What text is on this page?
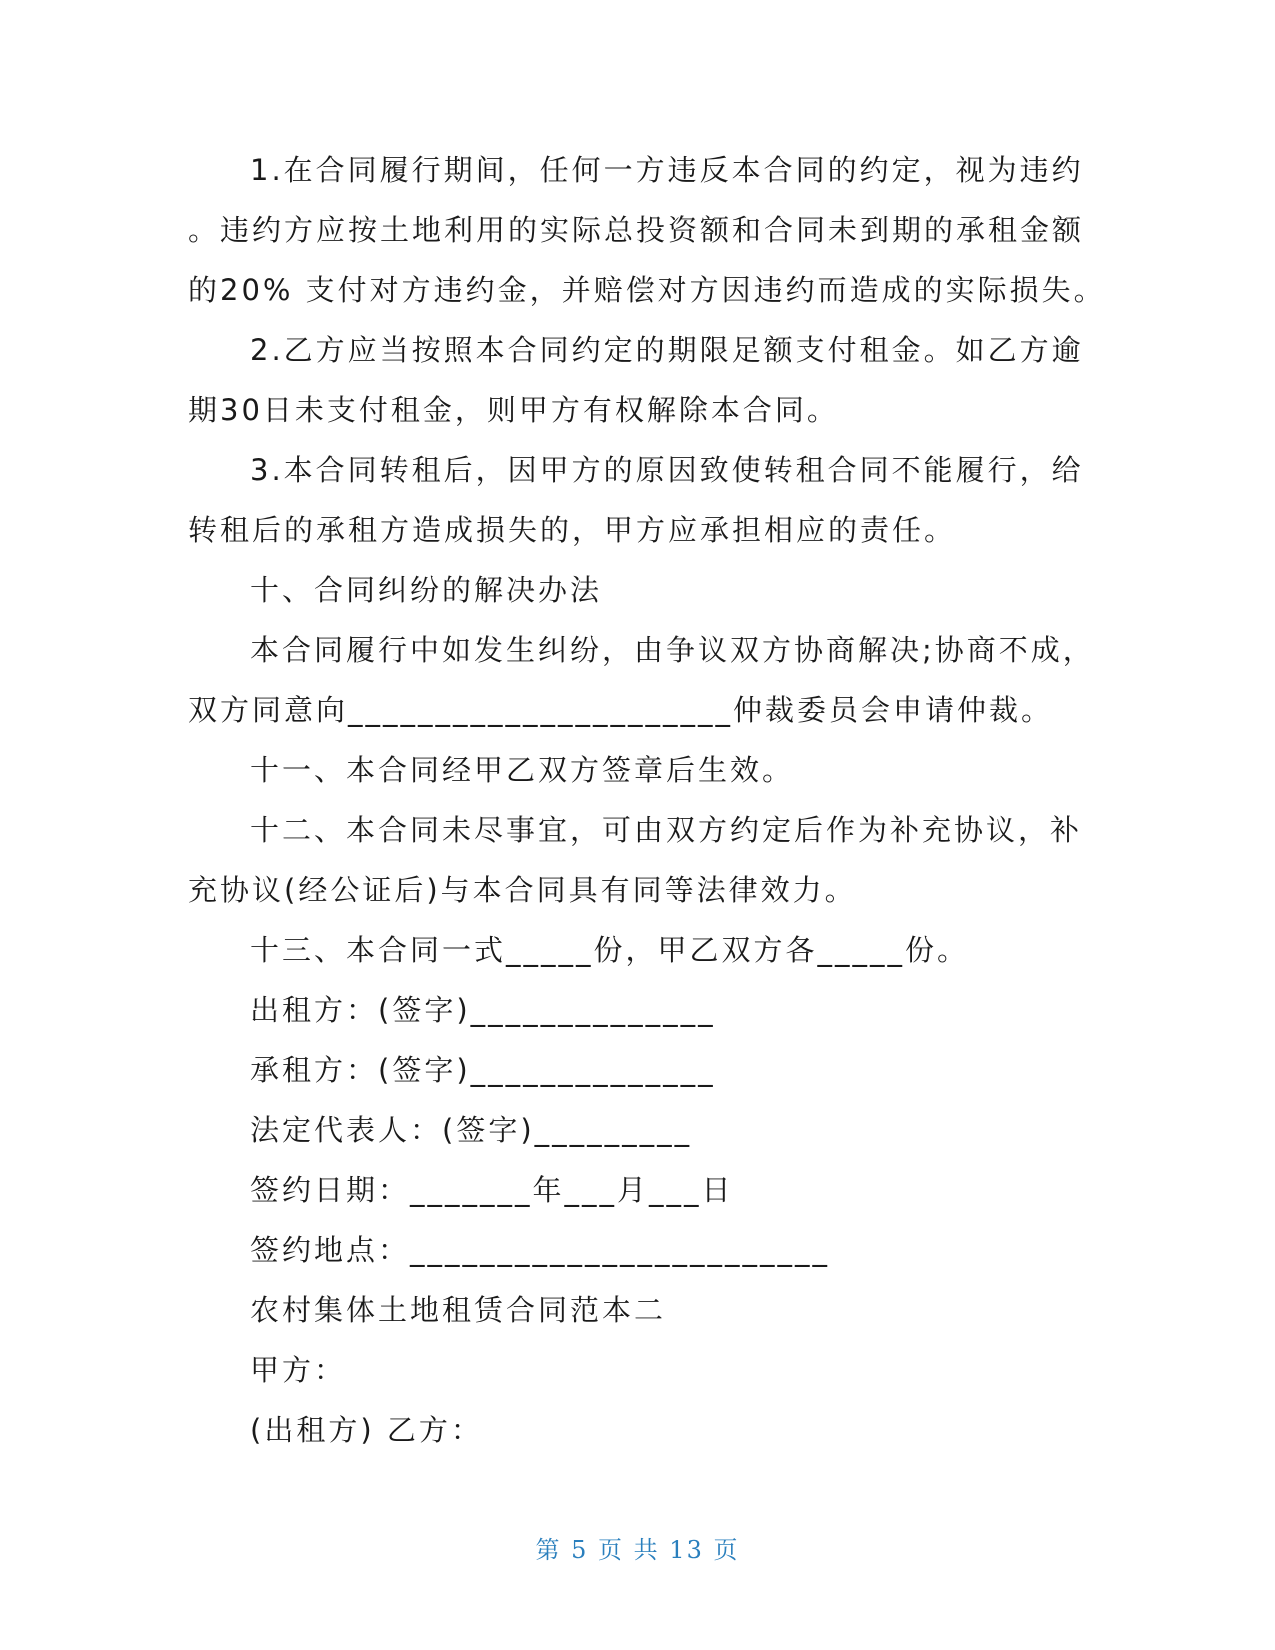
1.在合同履行期间，任何一方违反本合同的约定，视为违约
。违约方应按土地利用的实际总投资额和合同未到期的承租金额
的20% 支付对方违约金，并赔偿对方因违约而造成的实际损失。
2.乙方应当按照本合同约定的期限足额支付租金。如乙方逾
期30日未支付租金，则甲方有权解除本合同。
3.本合同转租后，因甲方的原因致使转租合同不能履行，给
转租后的承租方造成损失的，甲方应承担相应的责任。
十、合同纠纷的解决办法
本合同履行中如发生纠纷，由争议双方协商解决;协商不成，
双方同意向______________________仲裁委员会申请仲裁。
十一、本合同经甲乙双方签章后生效。
十二、本合同未尽事宜，可由双方约定后作为补充协议，补
充协议(经公证后)与本合同具有同等法律效力。
十三、本合同一式_____份，甲乙双方各_____份。
出租方：(签字)______________
承租方：(签字)______________
法定代表人：(签字)_________
签约日期：_______年___月___日
签约地点：________________________
农村集体土地租赁合同范本二
甲方：
(出租方) 乙方：
第 5 页 共 13 页
